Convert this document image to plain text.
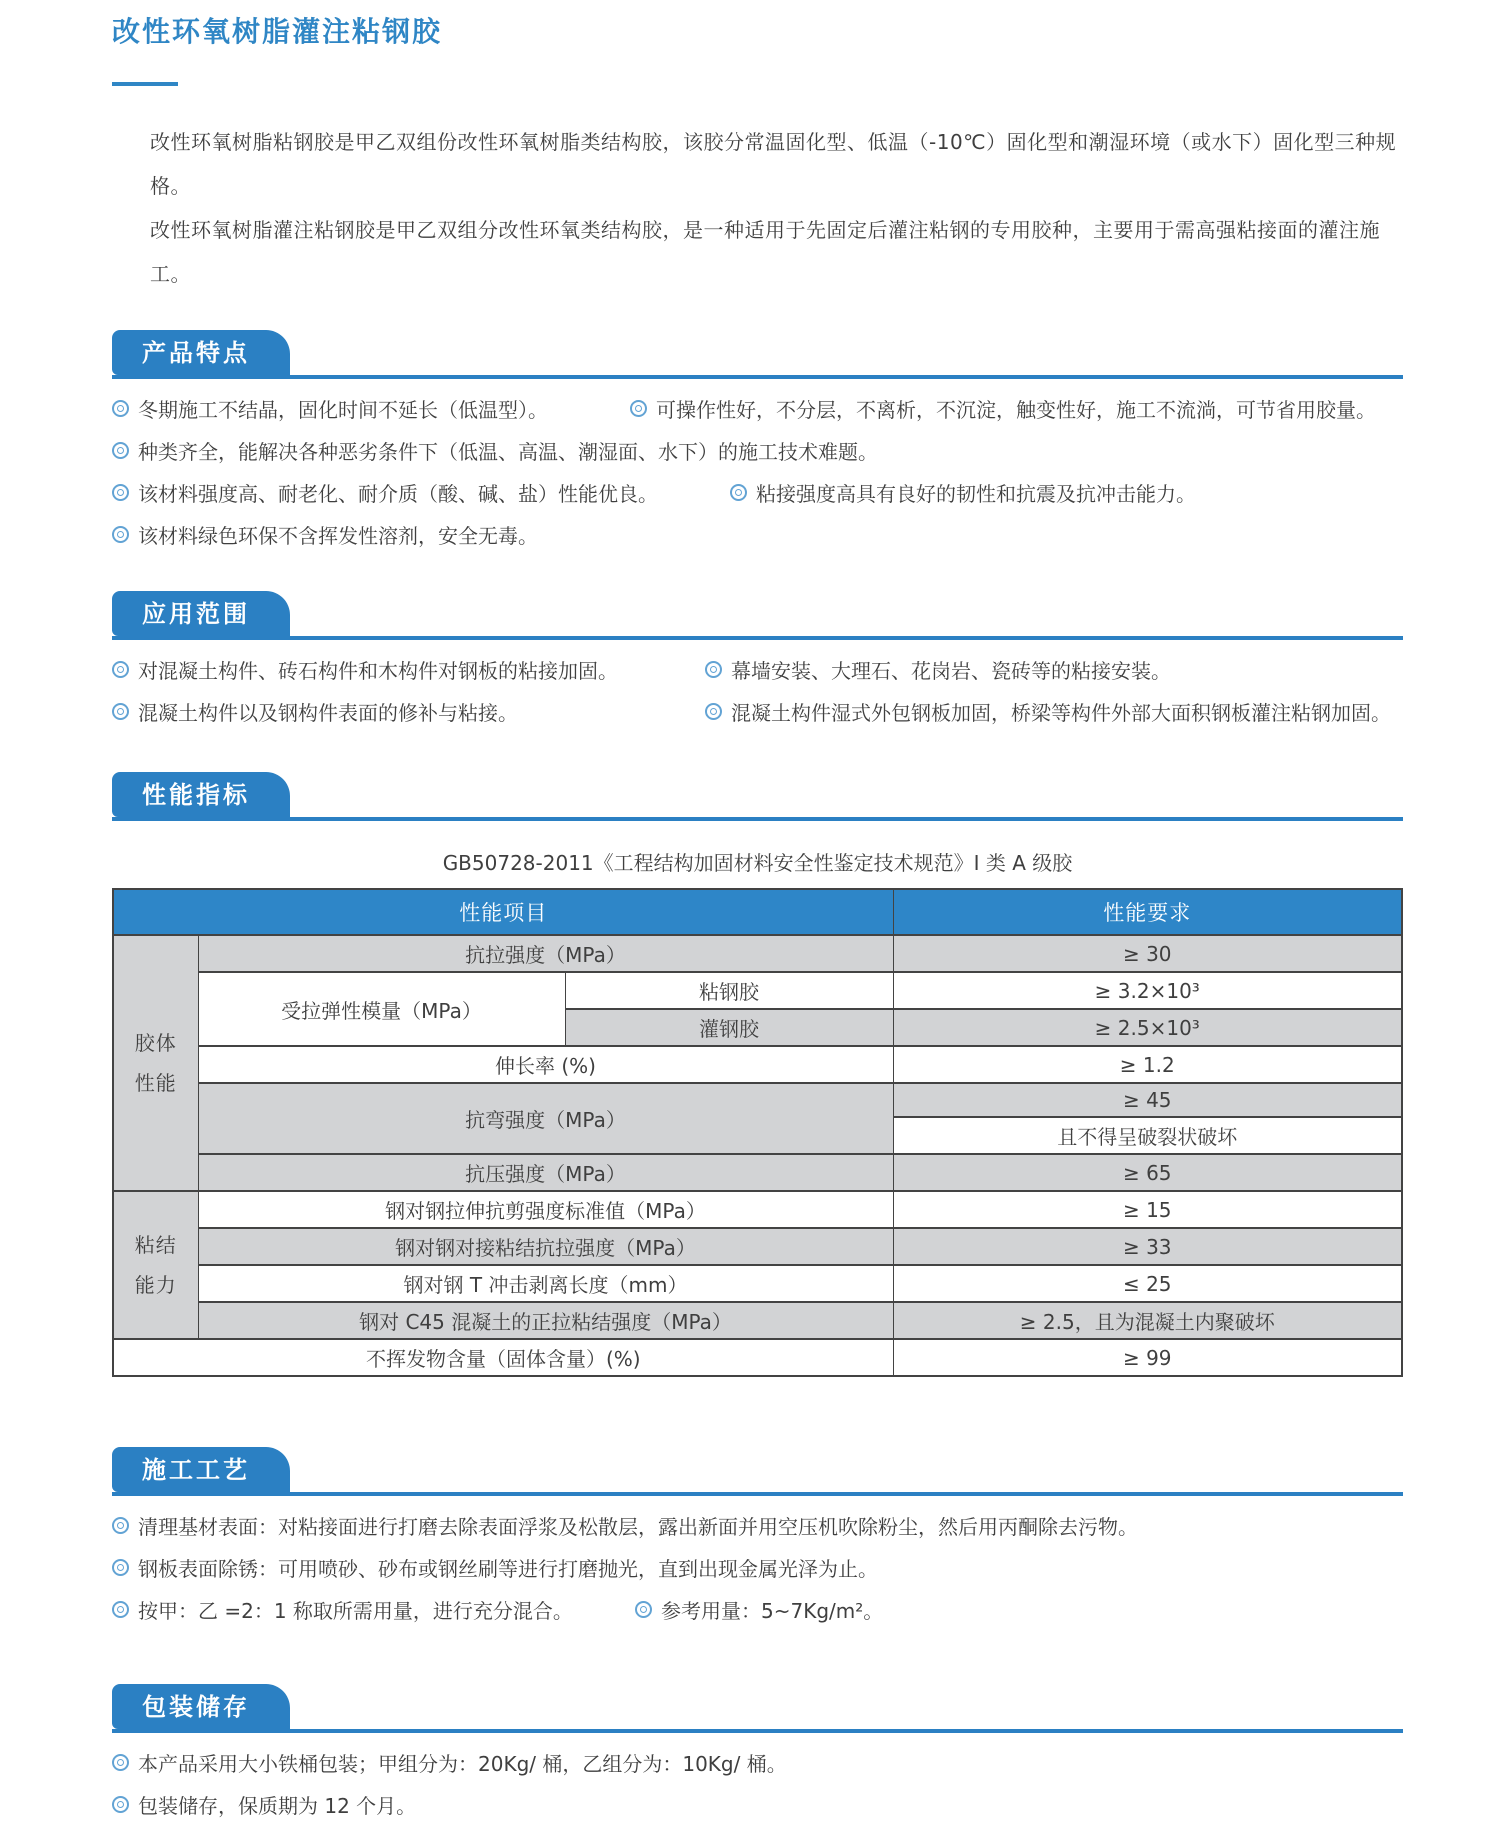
改性环氧树脂灌注粘钢胶

改性环氧树脂粘钢胶是甲乙双组份改性环氧树脂类结构胶，该胶分常温固化型、低温（-10℃）固化型和潮湿环境（或水下）固化型三种规格。

改性环氧树脂灌注粘钢胶是甲乙双组分改性环氧类结构胶，是一种适用于先固定后灌注粘钢的专用胶种，主要用于需高强粘接面的灌注施工。

产品特点
冬期施工不结晶，固化时间不延长（低温型）。	可操作性好，不分层，不离析，不沉淀，触变性好，施工不流淌，可节省用胶量。
种类齐全，能解决各种恶劣条件下（低温、高温、潮湿面、水下）的施工技术难题。
该材料强度高、耐老化、耐介质（酸、碱、盐）性能优良。	粘接强度高具有良好的韧性和抗震及抗冲击能力。
该材料绿色环保不含挥发性溶剂，安全无毒。
应用范围
对混凝土构件、砖石构件和木构件对钢板的粘接加固。	幕墙安装、大理石、花岗岩、瓷砖等的粘接安装。
混凝土构件以及钢构件表面的修补与粘接。	混凝土构件湿式外包钢板加固，桥梁等构件外部大面积钢板灌注粘钢加固。
性能指标
GB50728-2011《工程结构加固材料安全性鉴定技术规范》I 类 A 级胶
性能项目			性能要求
胶体性能	抗拉强度（MPa）		≥ 30
	受拉弹性模量（MPa）	粘钢胶	≥ 3.2×10³
		灌钢胶	≥ 2.5×10³
	伸长率 (%)		≥ 1.2
	抗弯强度（MPa）		≥ 45
			且不得呈破裂状破坏
	抗压强度（MPa）		≥ 65
粘结能力	钢对钢拉伸抗剪强度标准值（MPa）		≥ 15
	钢对钢对接粘结抗拉强度（MPa）		≥ 33
	钢对钢 T 冲击剥离长度（mm）		≤ 25
	钢对 C45 混凝土的正拉粘结强度（MPa）		≥ 2.5，且为混凝土内聚破坏
不挥发物含量（固体含量）(%)			≥ 99
施工工艺
清理基材表面：对粘接面进行打磨去除表面浮浆及松散层，露出新面并用空压机吹除粉尘，然后用丙酮除去污物。
钢板表面除锈：可用喷砂、砂布或钢丝刷等进行打磨抛光，直到出现金属光泽为止。
按甲：乙 =2：1 称取所需用量，进行充分混合。	参考用量：5~7Kg/m²。
包装储存
本产品采用大小铁桶包装；甲组分为：20Kg/ 桶，乙组分为：10Kg/ 桶。
包装储存，保质期为 12 个月。
